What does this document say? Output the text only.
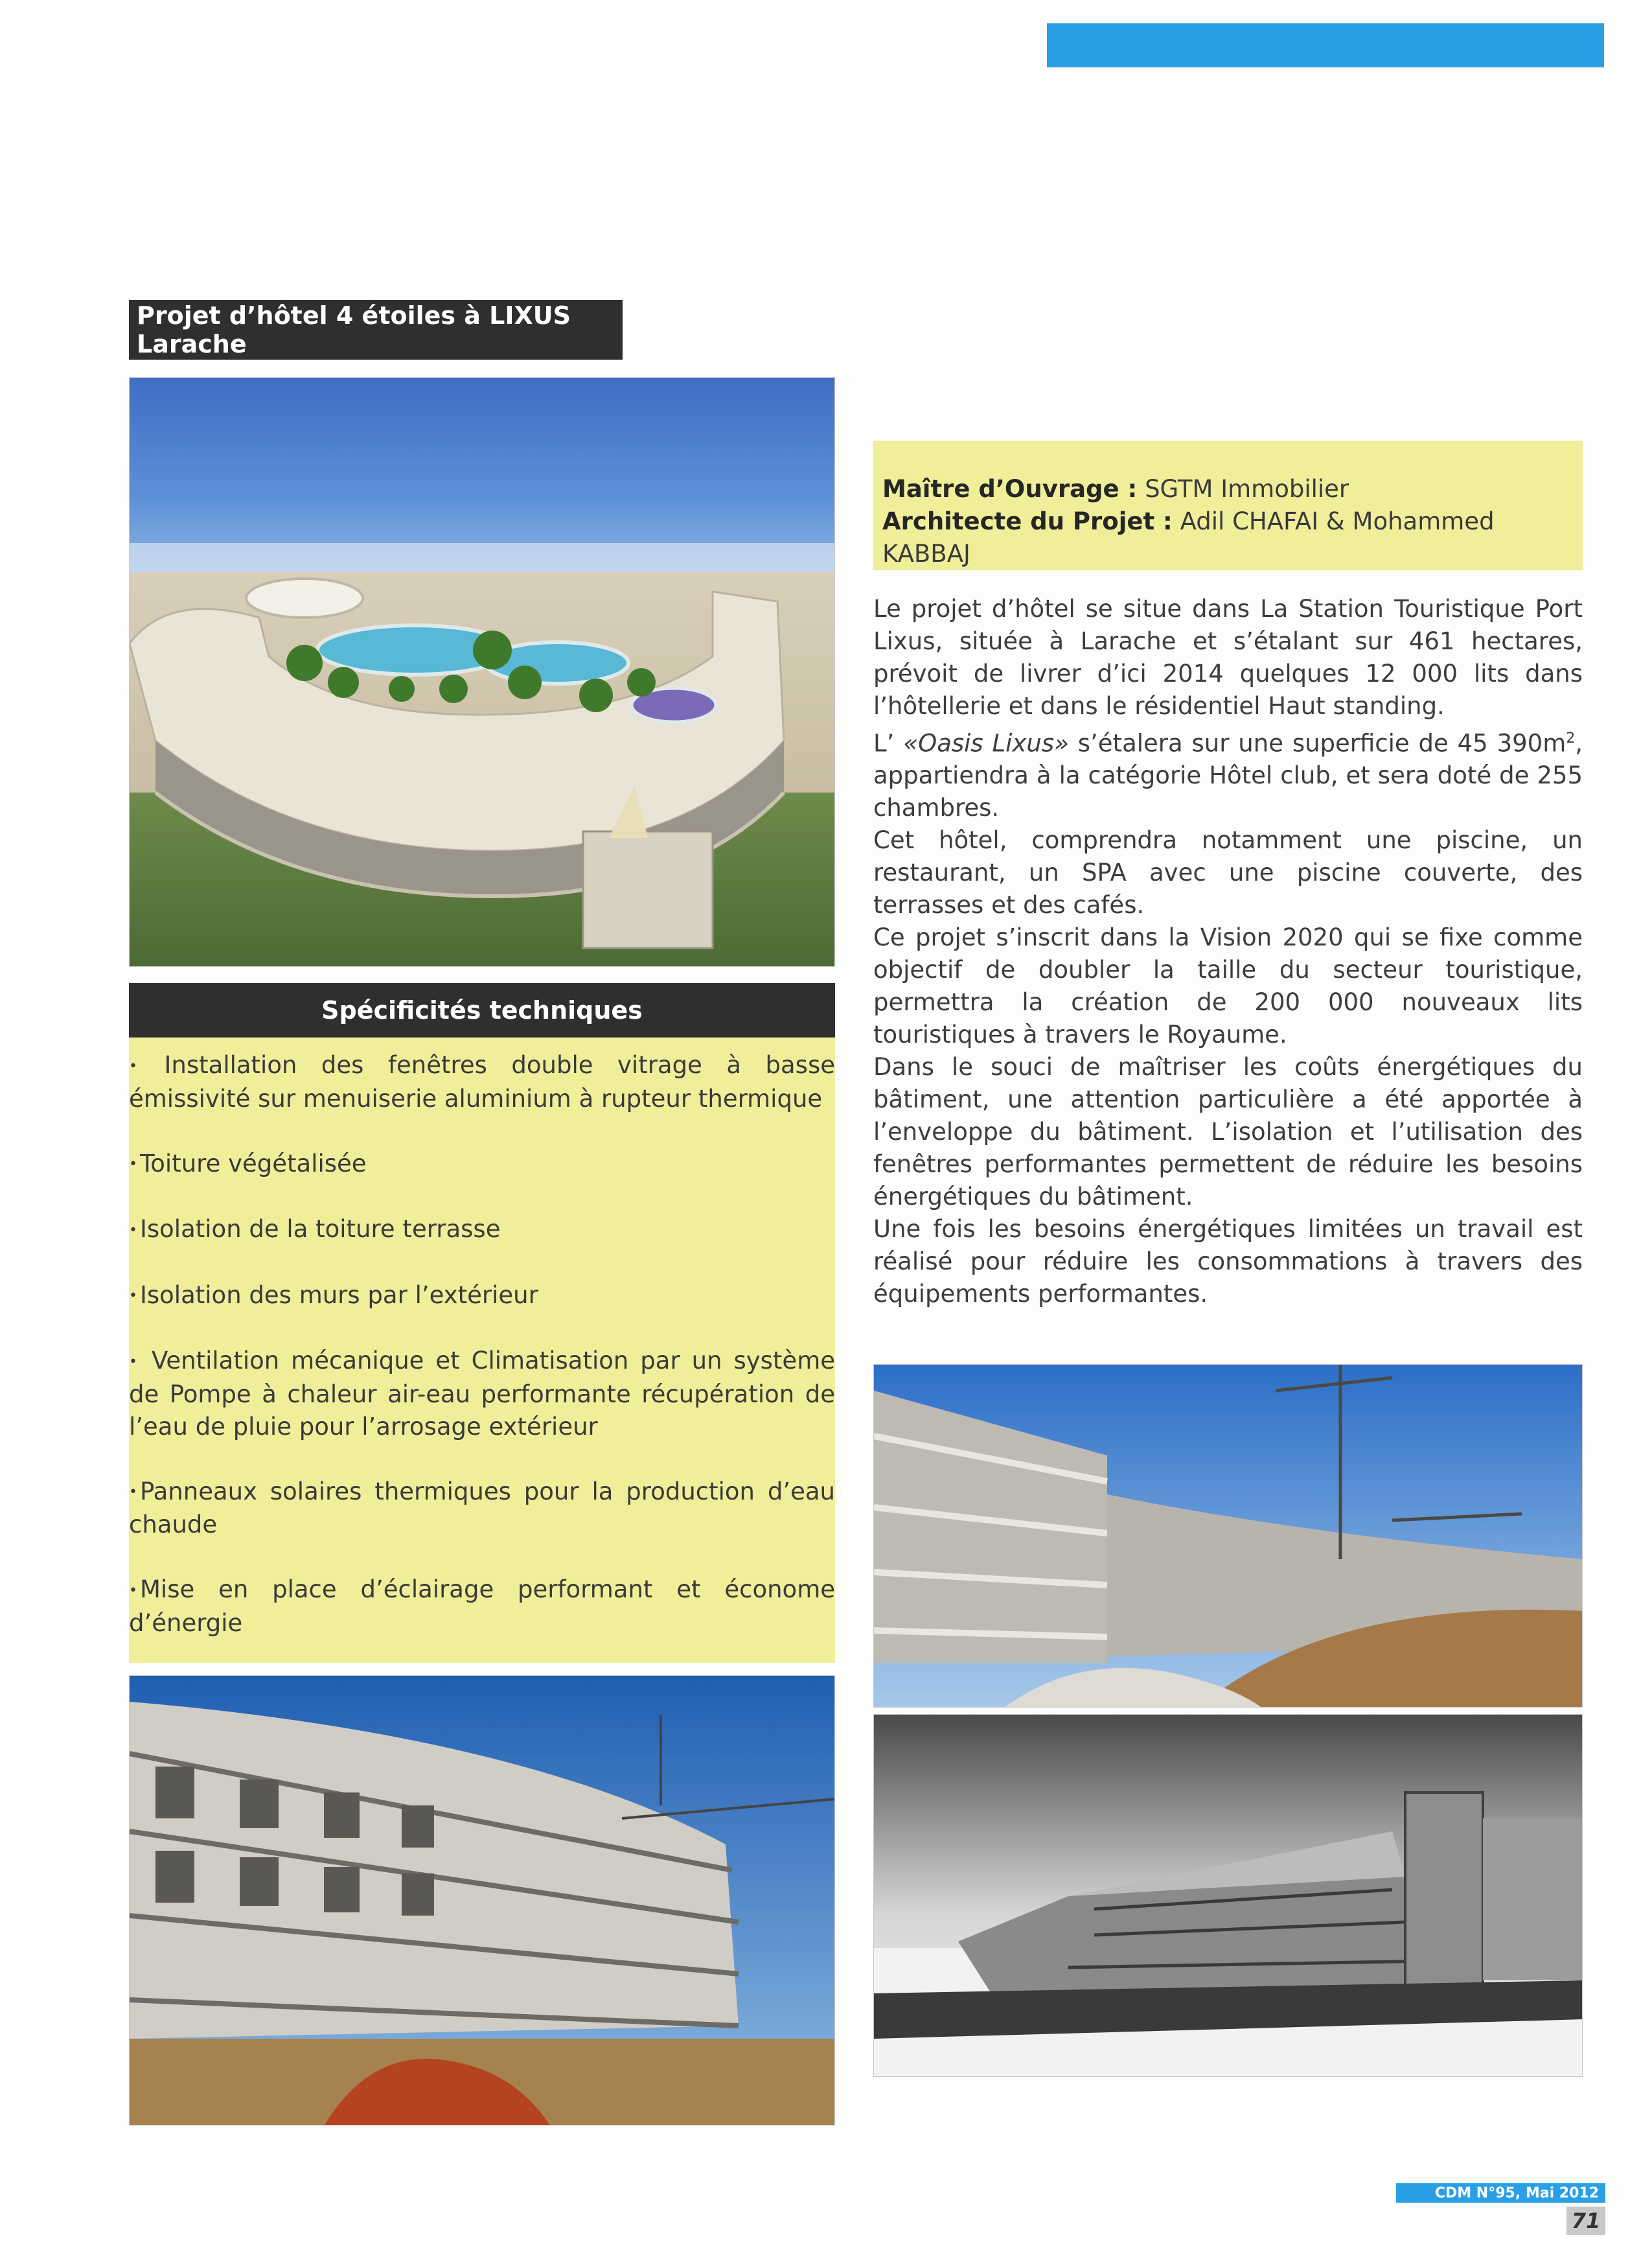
Projet d’hôtel 4 étoiles à LIXUS Larache
Spécificités techniques
• Installation des fenêtres double vitrage à basse émissivité sur menuiserie aluminium à rupteur thermique
• Toiture végétalisée
• Isolation de la toiture terrasse
• Isolation des murs par l’extérieur
• Ventilation mécanique et Climatisation par un système de Pompe à chaleur air-eau performante récupération de l’eau de pluie pour l’arrosage extérieur
• Panneaux solaires thermiques pour la production d’eau chaude
• Mise en place d’éclairage performant et économe d’énergie
Maître d’Ouvrage : SGTM Immobilier
Architecte du Projet : Adil CHAFAI & Mohammed KABBAJ

Le projet d’hôtel se situe dans La Station Touristique Port Lixus, située à Larache et s’étalant sur 461 hectares, prévoit de livrer d’ici 2014 quelques 12 000 lits dans l’hôtellerie et dans le résidentiel Haut standing.

L’ «Oasis Lixus» s’étalera sur une superficie de 45 $390m^2$, appartiendra à la catégorie Hôtel club, et sera doté de 255 chambres.

Cet hôtel, comprendra notamment une piscine, un restaurant, un SPA avec une piscine couverte, des terrasses et des cafés.

Ce projet s’inscrit dans la Vision 2020 qui se fixe comme objectif de doubler la taille du secteur touristique, permettra la création de 200 000 nouveaux lits touristiques à travers le Royaume.

Dans le souci de maîtriser les coûts énergétiques du bâtiment, une attention particulière a été apportée à l’enveloppe du bâtiment. L’isolation et l’utilisation des fenêtres performantes permettent de réduire les besoins énergétiques du bâtiment.

Une fois les besoins énergétiques limitées un travail est réalisé pour réduire les consommations à travers des équipements performantes.

CDM N°95, Mai 2012
71
